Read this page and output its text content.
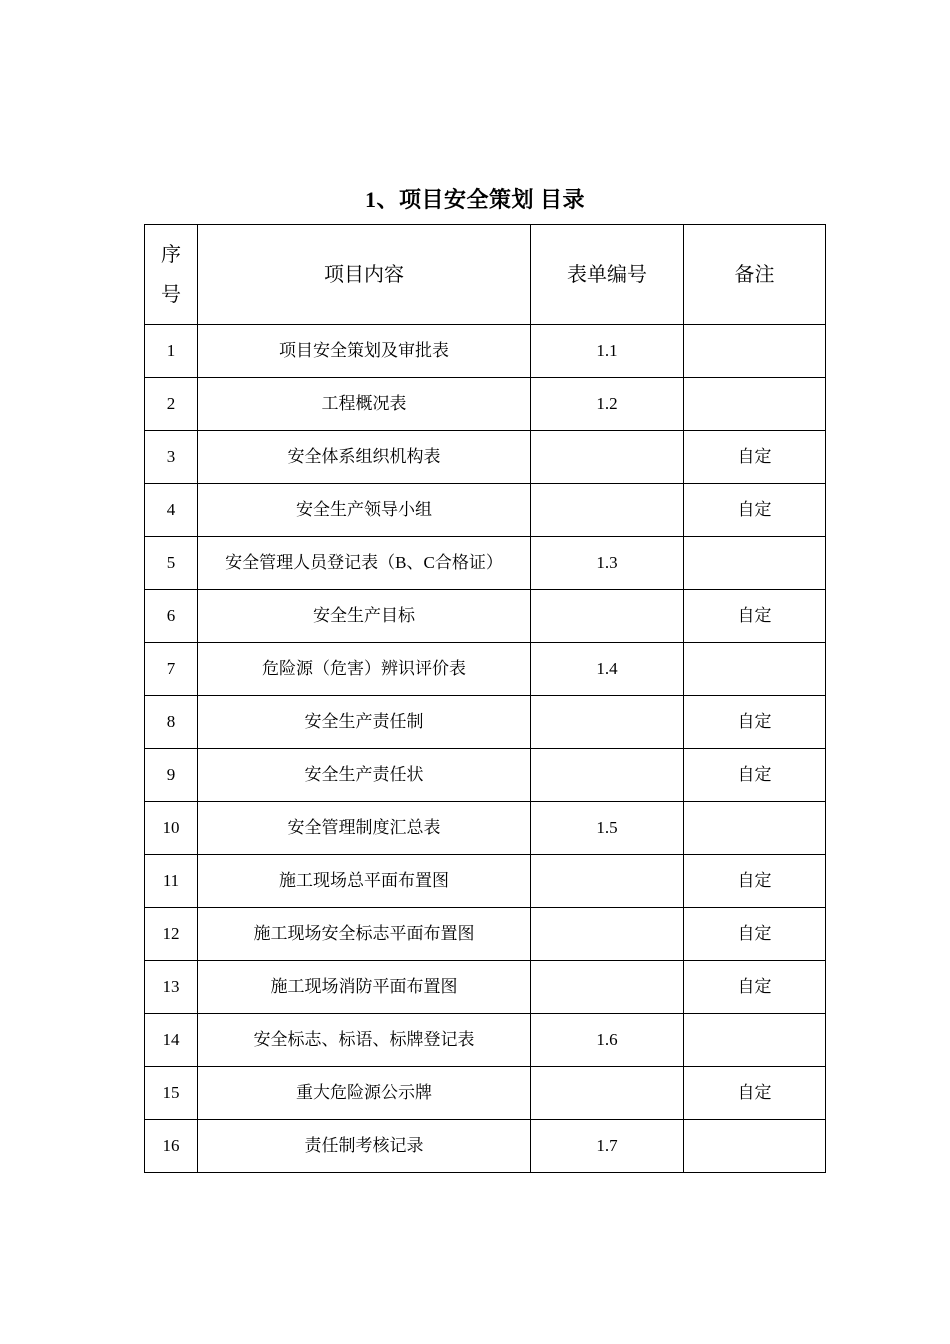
1、项目安全策划 目录
序
号	项目内容	表单编号	备注
1	项目安全策划及审批表	1.1	
2	工程概况表	1.2	
3	安全体系组织机构表		自定
4	安全生产领导小组		自定
5	安全管理人员登记表（B、C合格证）	1.3	
6	安全生产目标		自定
7	危险源（危害）辨识评价表	1.4	
8	安全生产责任制		自定
9	安全生产责任状		自定
10	安全管理制度汇总表	1.5	
11	施工现场总平面布置图		自定
12	施工现场安全标志平面布置图		自定
13	施工现场消防平面布置图		自定
14	安全标志、标语、标牌登记表	1.6	
15	重大危险源公示牌		自定
16	责任制考核记录	1.7	
